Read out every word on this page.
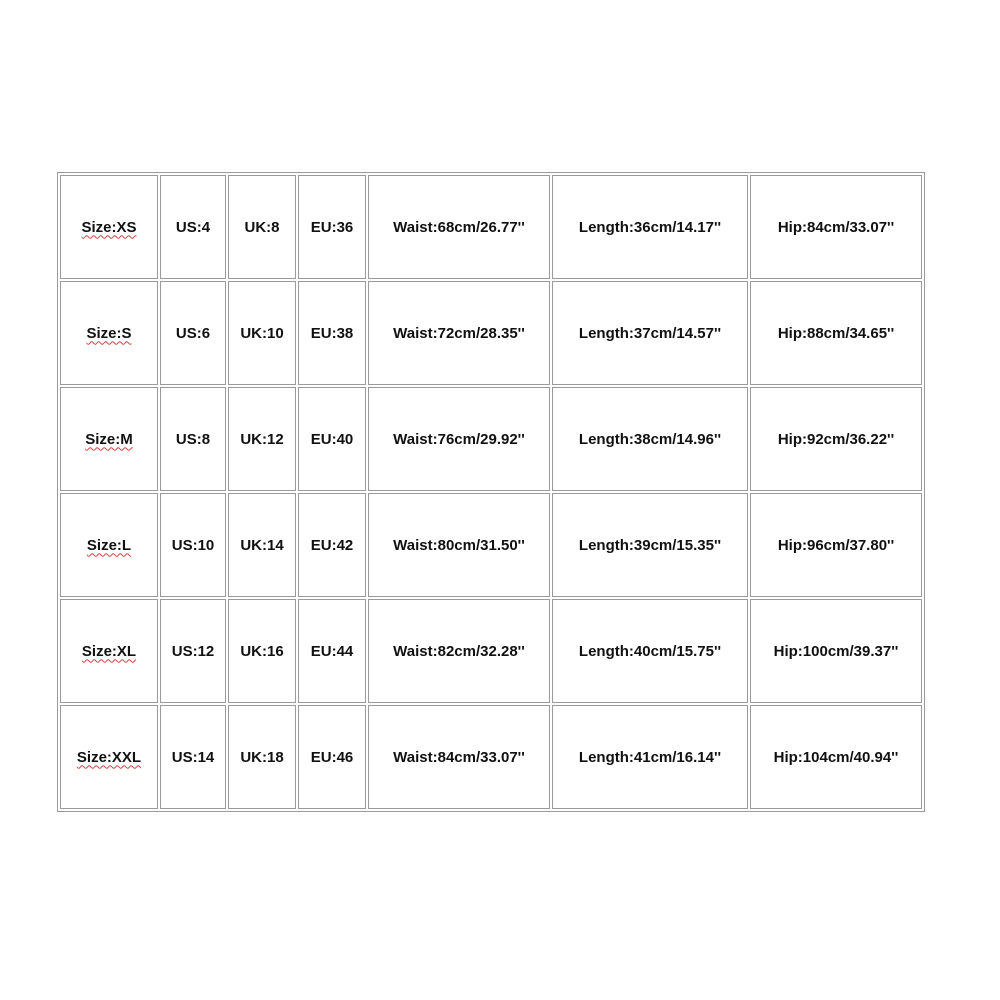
Size:XS	US:4	UK:8	EU:36	Waist:68cm/26.77''	Length:36cm/14.17''	Hip:84cm/33.07''
Size:S	US:6	UK:10	EU:38	Waist:72cm/28.35''	Length:37cm/14.57''	Hip:88cm/34.65''
Size:M	US:8	UK:12	EU:40	Waist:76cm/29.92''	Length:38cm/14.96''	Hip:92cm/36.22''
Size:L	US:10	UK:14	EU:42	Waist:80cm/31.50''	Length:39cm/15.35''	Hip:96cm/37.80''
Size:XL	US:12	UK:16	EU:44	Waist:82cm/32.28''	Length:40cm/15.75''	Hip:100cm/39.37''
Size:XXL	US:14	UK:18	EU:46	Waist:84cm/33.07''	Length:41cm/16.14''	Hip:104cm/40.94''
